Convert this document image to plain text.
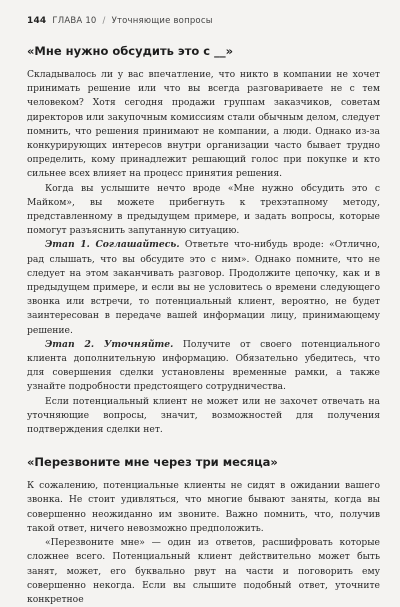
144 ГЛАВА 10 / Уточняющие вопросы
«Мне нужно обсудить это с __»

Складывалось ли у вас впечатление, что никто в компании не хочет принимать решение или что вы всегда разговариваете не с тем человеком? Хотя сегодня продажи группам заказчиков, советам директоров или закупочным комиссиям стали обычным делом, следует помнить, что решения принимают не компании, а люди. Однако из-за конкурирующих интересов внутри организации часто бывает трудно определить, кому принадлежит решающий голос при покупке и кто сильнее всех влияет на процесс принятия решения.

Когда вы услышите нечто вроде «Мне нужно обсудить это с Майком», вы можете прибегнуть к трехэтапному методу, представленному в предыдущем примере, и задать вопросы, которые помогут разъяснить запутанную ситуацию.

Этап 1. Соглашайтесь. Ответьте что-нибудь вроде: «Отлично, рад слышать, что вы обсудите это с ним». Однако помните, что не следует на этом заканчивать разговор. Продолжите цепочку, как и в предыдущем примере, и если вы не условитесь о времени следующего звонка или встречи, то потенциальный клиент, вероятно, не будет заинтересован в передаче вашей информации лицу, принимающему решение.

Этап 2. Уточняйте. Получите от своего потенциального клиента дополнительную информацию. Обязательно убедитесь, что для совершения сделки установлены временные рамки, а также узнайте подробности предстоящего сотрудничества.

Если потенциальный клиент не может или не захочет отвечать на уточняющие вопросы, значит, возможностей для получения подтверждения сделки нет.

«Перезвоните мне через три месяца»

К сожалению, потенциальные клиенты не сидят в ожидании вашего звонка. Не стоит удивляться, что многие бывают заняты, когда вы совершенно неожиданно им звоните. Важно помнить, что, получив такой ответ, ничего невозможно предположить.

«Перезвоните мне» — один из ответов, расшифровать которые сложнее всего. Потенциальный клиент действительно может быть занят, может, его буквально рвут на части и поговорить ему совершенно некогда. Если вы слышите подобный ответ, уточните конкретное
